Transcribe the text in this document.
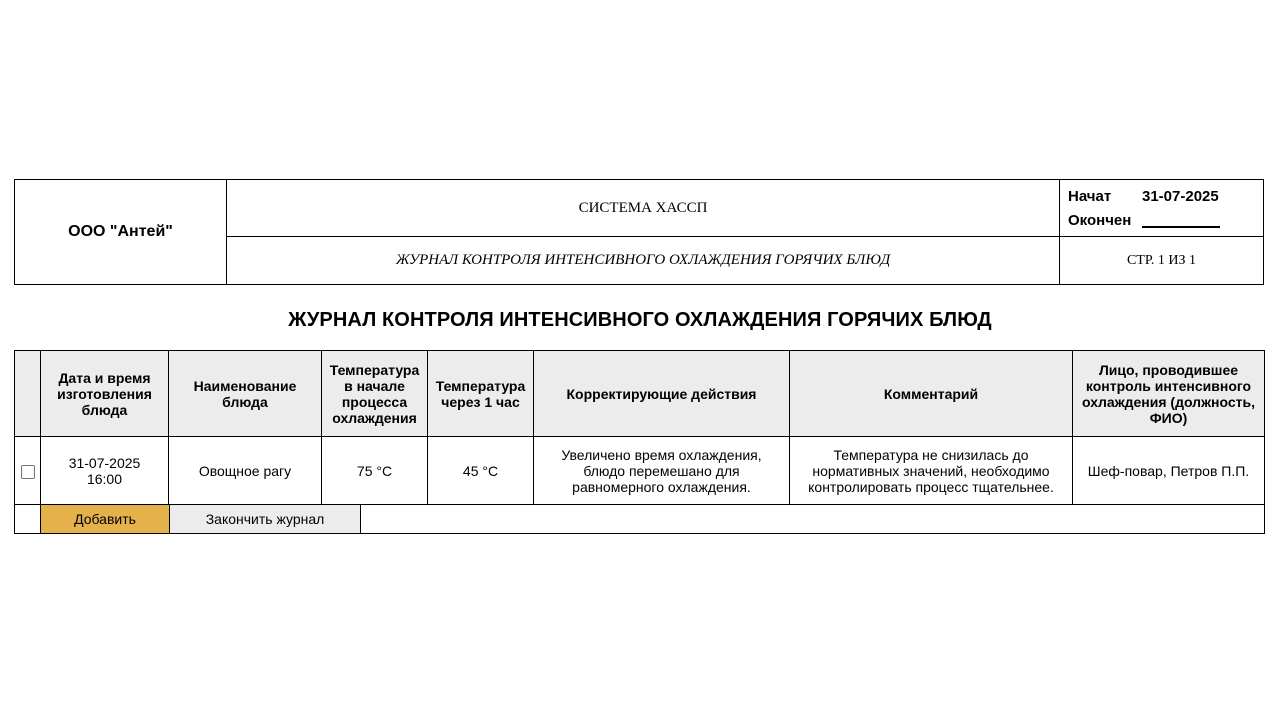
ООО "Антей"	СИСТЕМА ХАССП	Начат 31-07-2025
Окончен

	ЖУРНАЛ КОНТРОЛЯ ИНТЕНСИВНОГО ОХЛАЖДЕНИЯ ГОРЯЧИХ БЛЮД	СТР. 1 ИЗ 1
ЖУРНАЛ КОНТРОЛЯ ИНТЕНСИВНОГО ОХЛАЖДЕНИЯ ГОРЯЧИХ БЛЮД
	Дата и время изготовления блюда	Наименование блюда	Температура в начале процесса охлаждения	Температура через 1 час	Корректирующие действия	Комментарий	Лицо, проводившее контроль интенсивного охлаждения (должность, ФИО)
	31-07-2025 16:00	Овощное рагу	75 °С	45 °С	Увеличено время охлаждения, блюдо перемешано для равномерного охлаждения.	Температура не снизилась до нормативных значений, необходимо контролировать процесс тщательнее.	Шеф-повар, Петров П.П.

Добавить Закончить журнал						
